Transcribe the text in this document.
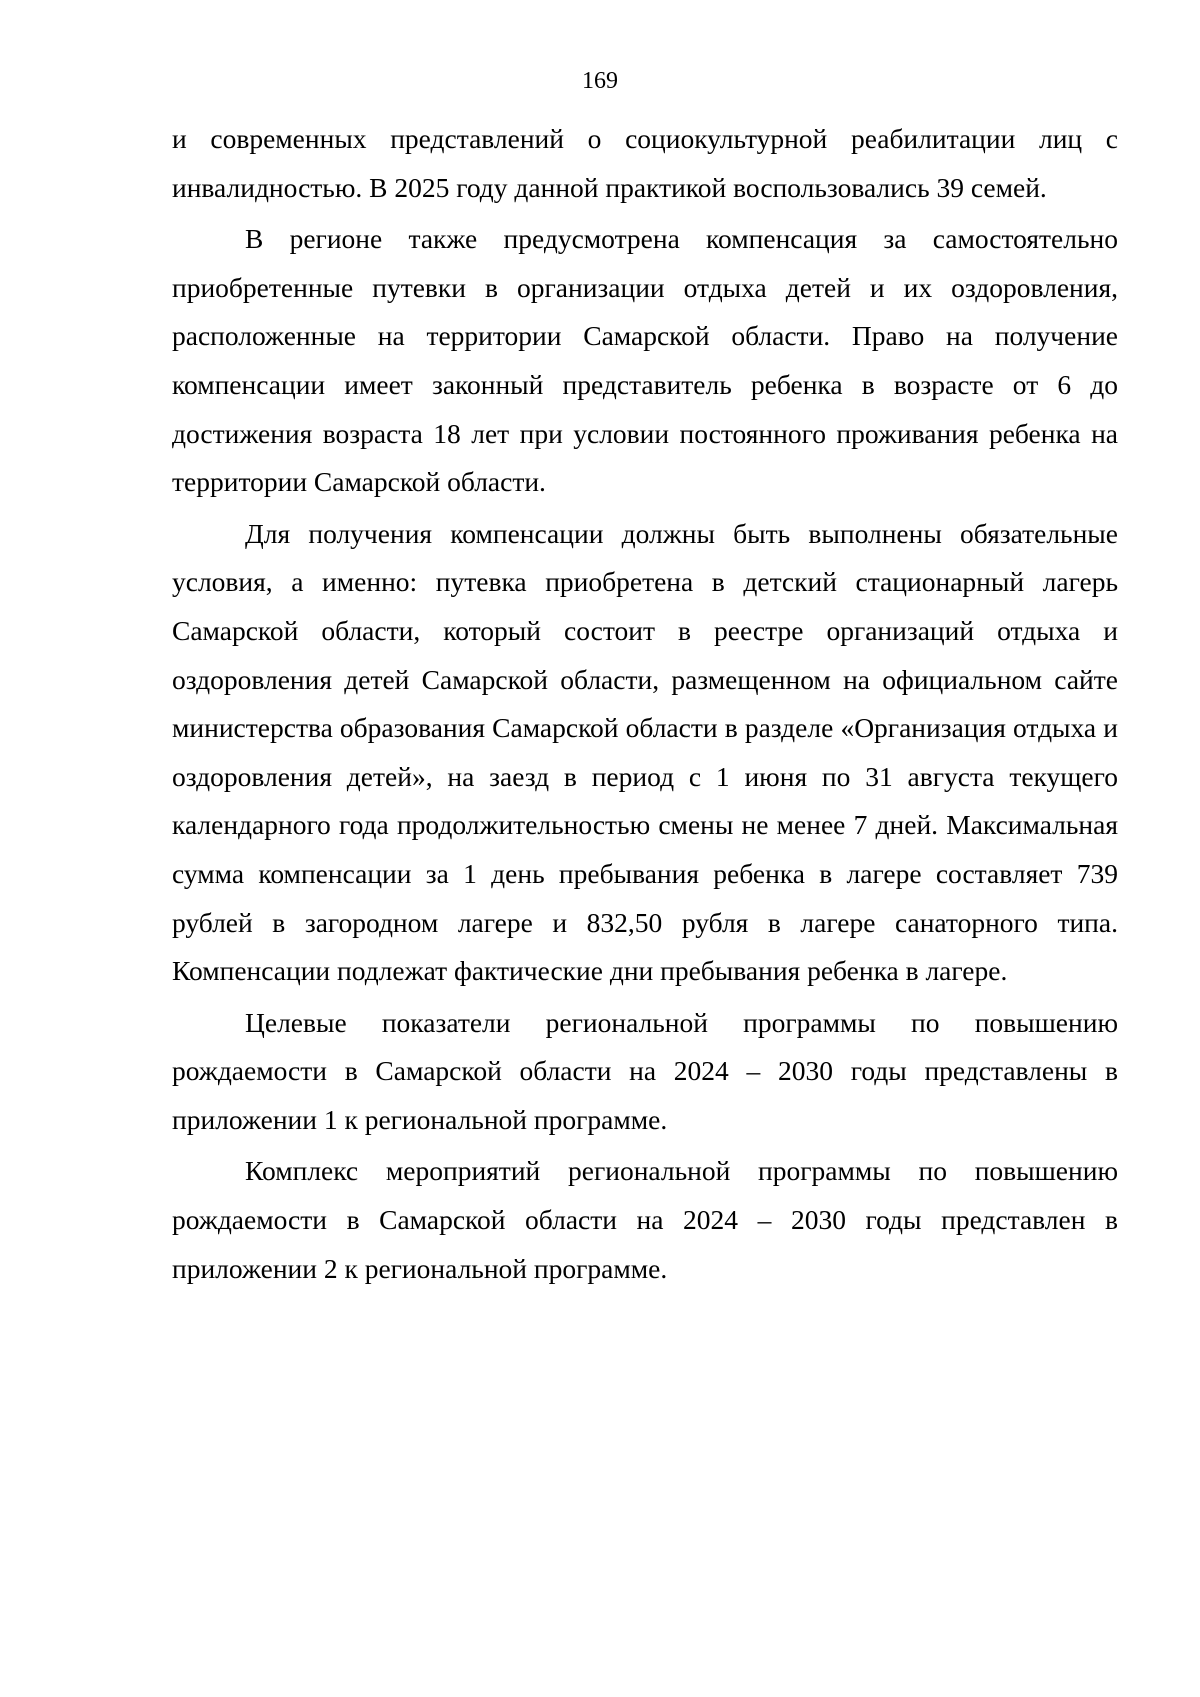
169

и современных представлений о социокультурной реабилитации лиц с инвалидностью. В 2025 году данной практикой воспользовались 39 семей.

В регионе также предусмотрена компенсация за самостоятельно приобретенные путевки в организации отдыха детей и их оздоровления, расположенные на территории Самарской области. Право на получение компенсации имеет законный представитель ребенка в возрасте от 6 до достижения возраста 18 лет при условии постоянного проживания ребенка на территории Самарской области.

Для получения компенсации должны быть выполнены обязательные условия, а именно: путевка приобретена в детский стационарный лагерь Самарской области, который состоит в реестре организаций отдыха и оздоровления детей Самарской области, размещенном на официальном сайте министерства образования Самарской области в разделе «Организация отдыха и оздоровления детей», на заезд в период с 1 июня по 31 августа текущего календарного года продолжительностью смены не менее 7 дней. Максимальная сумма компенсации за 1 день пребывания ребенка в лагере составляет 739 рублей в загородном лагере и 832,50 рубля в лагере санаторного типа. Компенсации подлежат фактические дни пребывания ребенка в лагере.

Целевые показатели региональной программы по повышению рождаемости в Самарской области на 2024 – 2030 годы представлены в приложении 1 к региональной программе.

Комплекс мероприятий региональной программы по повышению рождаемости в Самарской области на 2024 – 2030 годы представлен в приложении 2 к региональной программе.
